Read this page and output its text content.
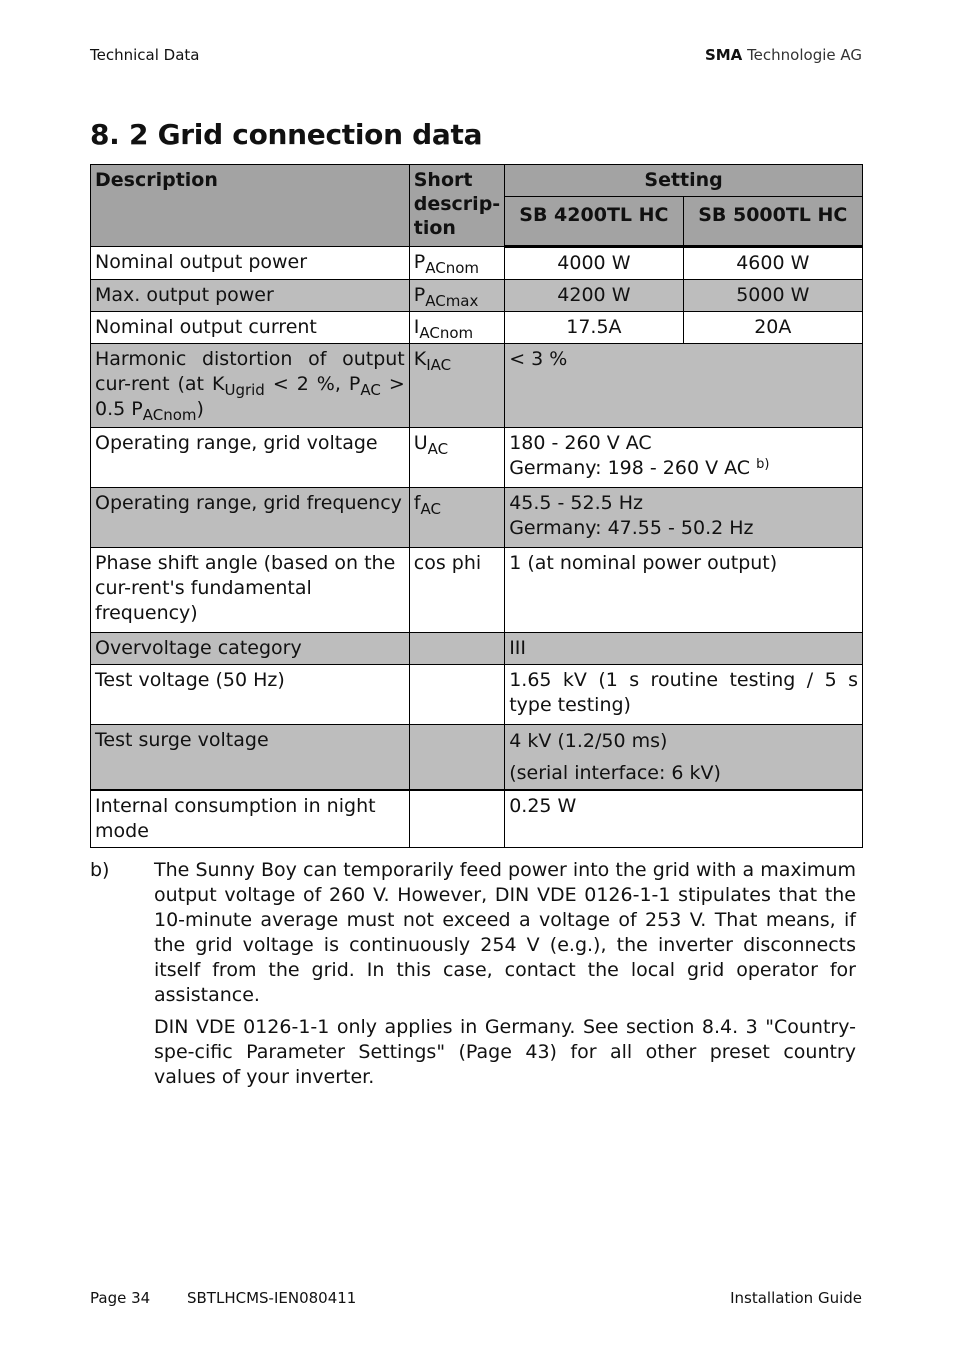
Technical Data	SMA Technologie AG
8. 2 Grid connection data
Description	Short
descrip-
tion	Setting	
		SB 4200TL HC	SB 5000TL HC
Nominal output power	$P_{ACnom}$	4000 W	4600 W
Max. output power	$P_{ACmax}$	4200 W	5000 W
Nominal output current	$I_{ACnom}$	17.5A	20A
Harmonic distortion of output cur-rent (at $K_{Ugrid} < 2$ %, $P_{AC} > 0.5$ $P_{ACnom}$)	$K_{IAC}$	< 3 %	
Operating range, grid voltage	$U_{AC}$	180 - 260 V AC
Germany: 198 - 260 V AC $^{b)}$
Operating range, grid frequency	$f_{AC}$	45.5 - 52.5 Hz
Germany: 47.55 - 50.2 Hz	
Phase shift angle (based on the cur-rent's fundamental frequency)	cos phi	1 (at nominal power output)	
Overvoltage category		III	
Test voltage (50 Hz)		1.65 kV (1 s routine testing / 5 s type testing)	
Test surge voltage		4 kV (1.2/50 ms)
(serial interface: 6 kV)	
Internal consumption in night mode		0.25 W	
b) The Sunny Boy can temporarily feed power into the grid with a maximum output voltage of 260 V. However, DIN VDE 0126-1-1 stipulates that the 10-minute average must not exceed a voltage of 253 V. That means, if the grid voltage is continuously 254 V (e.g.), the inverter disconnects itself from the grid. In this case, contact the local grid operator for assistance.

DIN VDE 0126-1-1 only applies in Germany. See section 8.4. 3 "Country-spe-cific Parameter Settings" (Page 43) for all other preset country values of your inverter.

Page 34 SBTLHCMS-IEN080411	Installation Guide
